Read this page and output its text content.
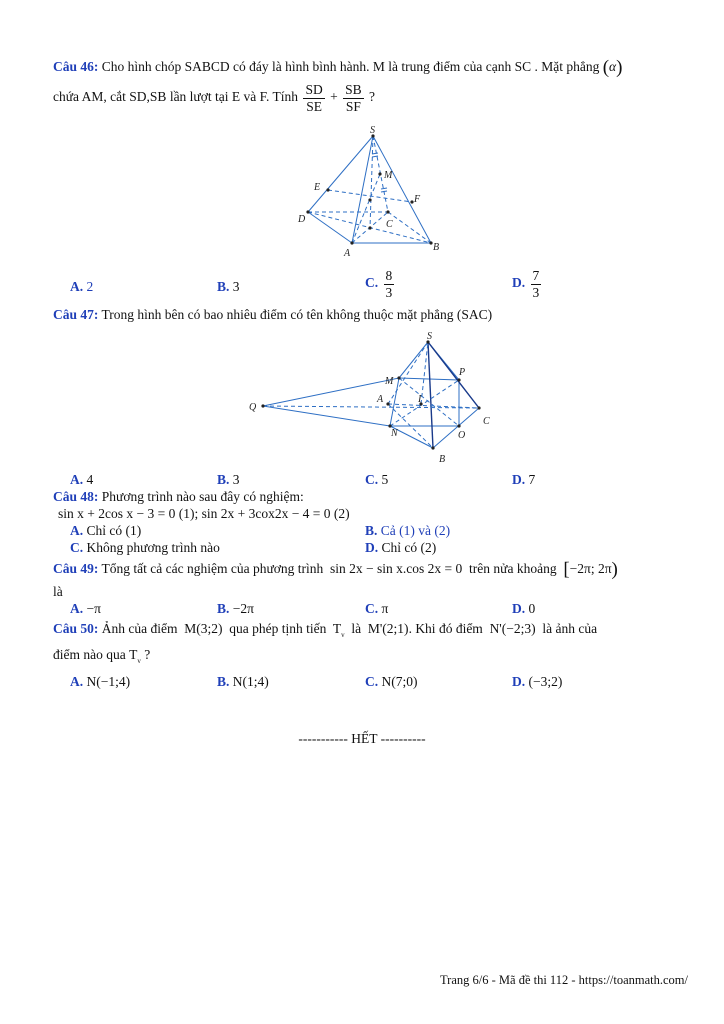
Câu 46: Cho hình chóp SABCD có đáy là hình bình hành. M là trung điểm của cạnh SC . Mặt phẳng (α)
chứa AM, cắt SD,SB lần lượt tại E và F. Tính $\frac{SD}{SE} + \frac{SB}{SF}$ ?
S
M
E
F
D	C
A
B
A. 2	B. 3	C. $\frac{8}{3}$	D. $\frac{7}{3}$
Câu 47: Trong hình bên có bao nhiêu điểm có tên không thuộc mặt phẳng (SAC)
S
P
M
A	I
Q
C
N	O
B
A. 4	B. 3	C. 5	D. 7
Câu 48: Phương trình nào sau đây có nghiệm:
sin x + 2cos x − 3 = 0 (1); sin 2x + 3cox2x − 4 = 0 (2)
A. Chỉ có (1)	B. Cả (1) và (2)
C. Không phương trình nào	D. Chỉ có (2)
Câu 49: Tổng tất cả các nghiệm của phương trình sin 2x − sin x.cos 2x = 0 trên nửa khoảng [−2π; 2π)
là
A. −π	B. −2π	C. π	D. 0
Câu 50: Ảnh của điểm M(3;2) qua phép tịnh tiến $T_v$ là M'(2;1). Khi đó điểm N'(−2;3) là ảnh của
điểm nào qua $T_v$ ?
A. N(−1;4)	B. N(1;4)	C. N(7;0)	D. (−3;2)
----------- HẾT ----------
Trang 6/6 - Mã đề thi 112 - https://toanmath.com/
